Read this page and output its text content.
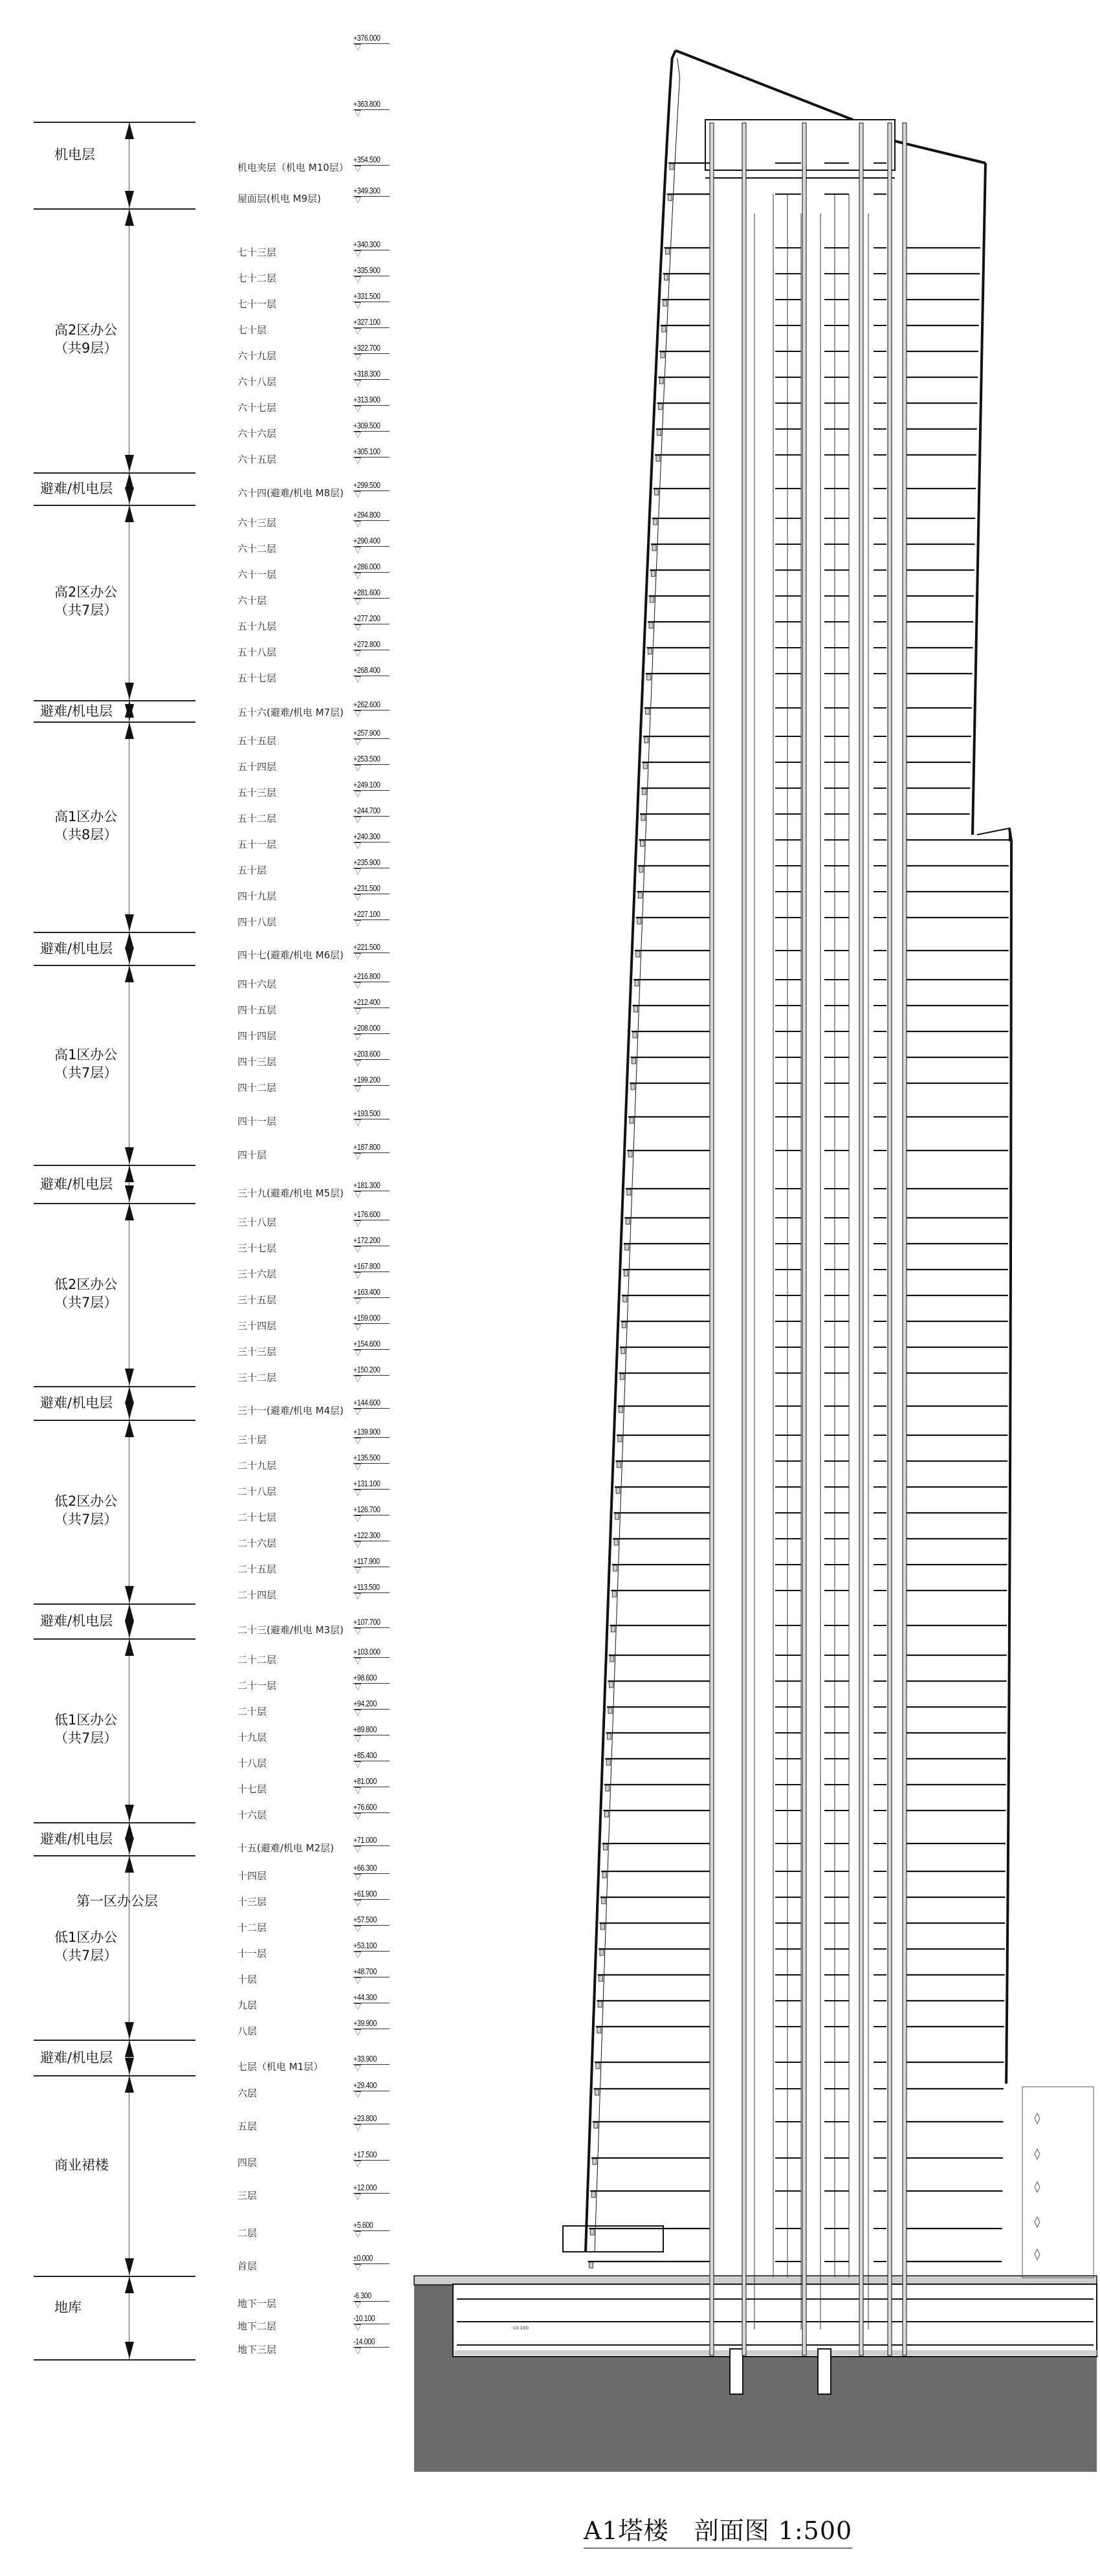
+376.000
+363.800
机电层
高2区办公
（共9层）
避难/机电层
高2区办公
（共7层）
避难/机电层
高1区办公
（共8层）
避难/机电层
高1区办公
（共7层）
避难/机电层
低2区办公
（共7层）
避难/机电层
低2区办公
（共7层）
避难/机电层
低1区办公
（共7层）
避难/机电层
低1区办公
（共7层）
避难/机电层
商业裙楼
地库
第一区办公层
机电夹层（机电 M10层）
+354.500
屋面层(机电 M9层)
+349.300
七十三层
+340.300
七十二层
+335.900
七十一层
+331.500
七十层
+327.100
六十九层
+322.700
六十八层
+318.300
六十七层
+313.900
六十六层
+309.500
六十五层
+305.100
六十四(避难/机电 M8层)
+299.500
六十三层
+294.800
六十二层
+290.400
六十一层
+286.000
六十层
+281.600
五十九层
+277.200
五十八层
+272.800
五十七层
+268.400
五十六(避难/机电 M7层)
+262.600
五十五层
+257.900
五十四层
+253.500
五十三层
+249.100
五十二层
+244.700
五十一层
+240.300
五十层
+235.900
四十九层
+231.500
四十八层
+227.100
四十七(避难/机电 M6层)
+221.500
四十六层
+216.800
四十五层
+212.400
四十四层
+208.000
四十三层
+203.600
四十二层
+199.200
四十一层
+193.500
四十层
+187.800
三十九(避难/机电 M5层)
+181.300
三十八层
+176.600
三十七层
+172.200
三十六层
+167.800
三十五层
+163.400
三十四层
+159.000
三十三层
+154.600
三十二层
+150.200
三十一(避难/机电 M4层)
+144.600
三十层
+139.900
二十九层
+135.500
二十八层
+131.100
二十七层
+126.700
二十六层
+122.300
二十五层
+117.900
二十四层
+113.500
二十三(避难/机电 M3层)
+107.700
二十二层
+103.000
二十一层
+98.600
二十层
+94.200
十九层
+89.800
十八层
+85.400
十七层
+81.000
十六层
+76.600
十五(避难/机电 M2层)
+71.000
十四层
+66.300
十三层
+61.900
十二层
+57.500
十一层
+53.100
十层
+48.700
九层
+44.300
八层
+39.900
七层（机电 M1层）
+33.900
六层
+29.400
五层
+23.800
四层
+17.500
三层
+12.000
二层
+5.600
首层
±0.000
地下一层
-6.300
地下二层
-10.100
地下三层
-14.000
-10.100
A1塔楼　剖面图 1:500
